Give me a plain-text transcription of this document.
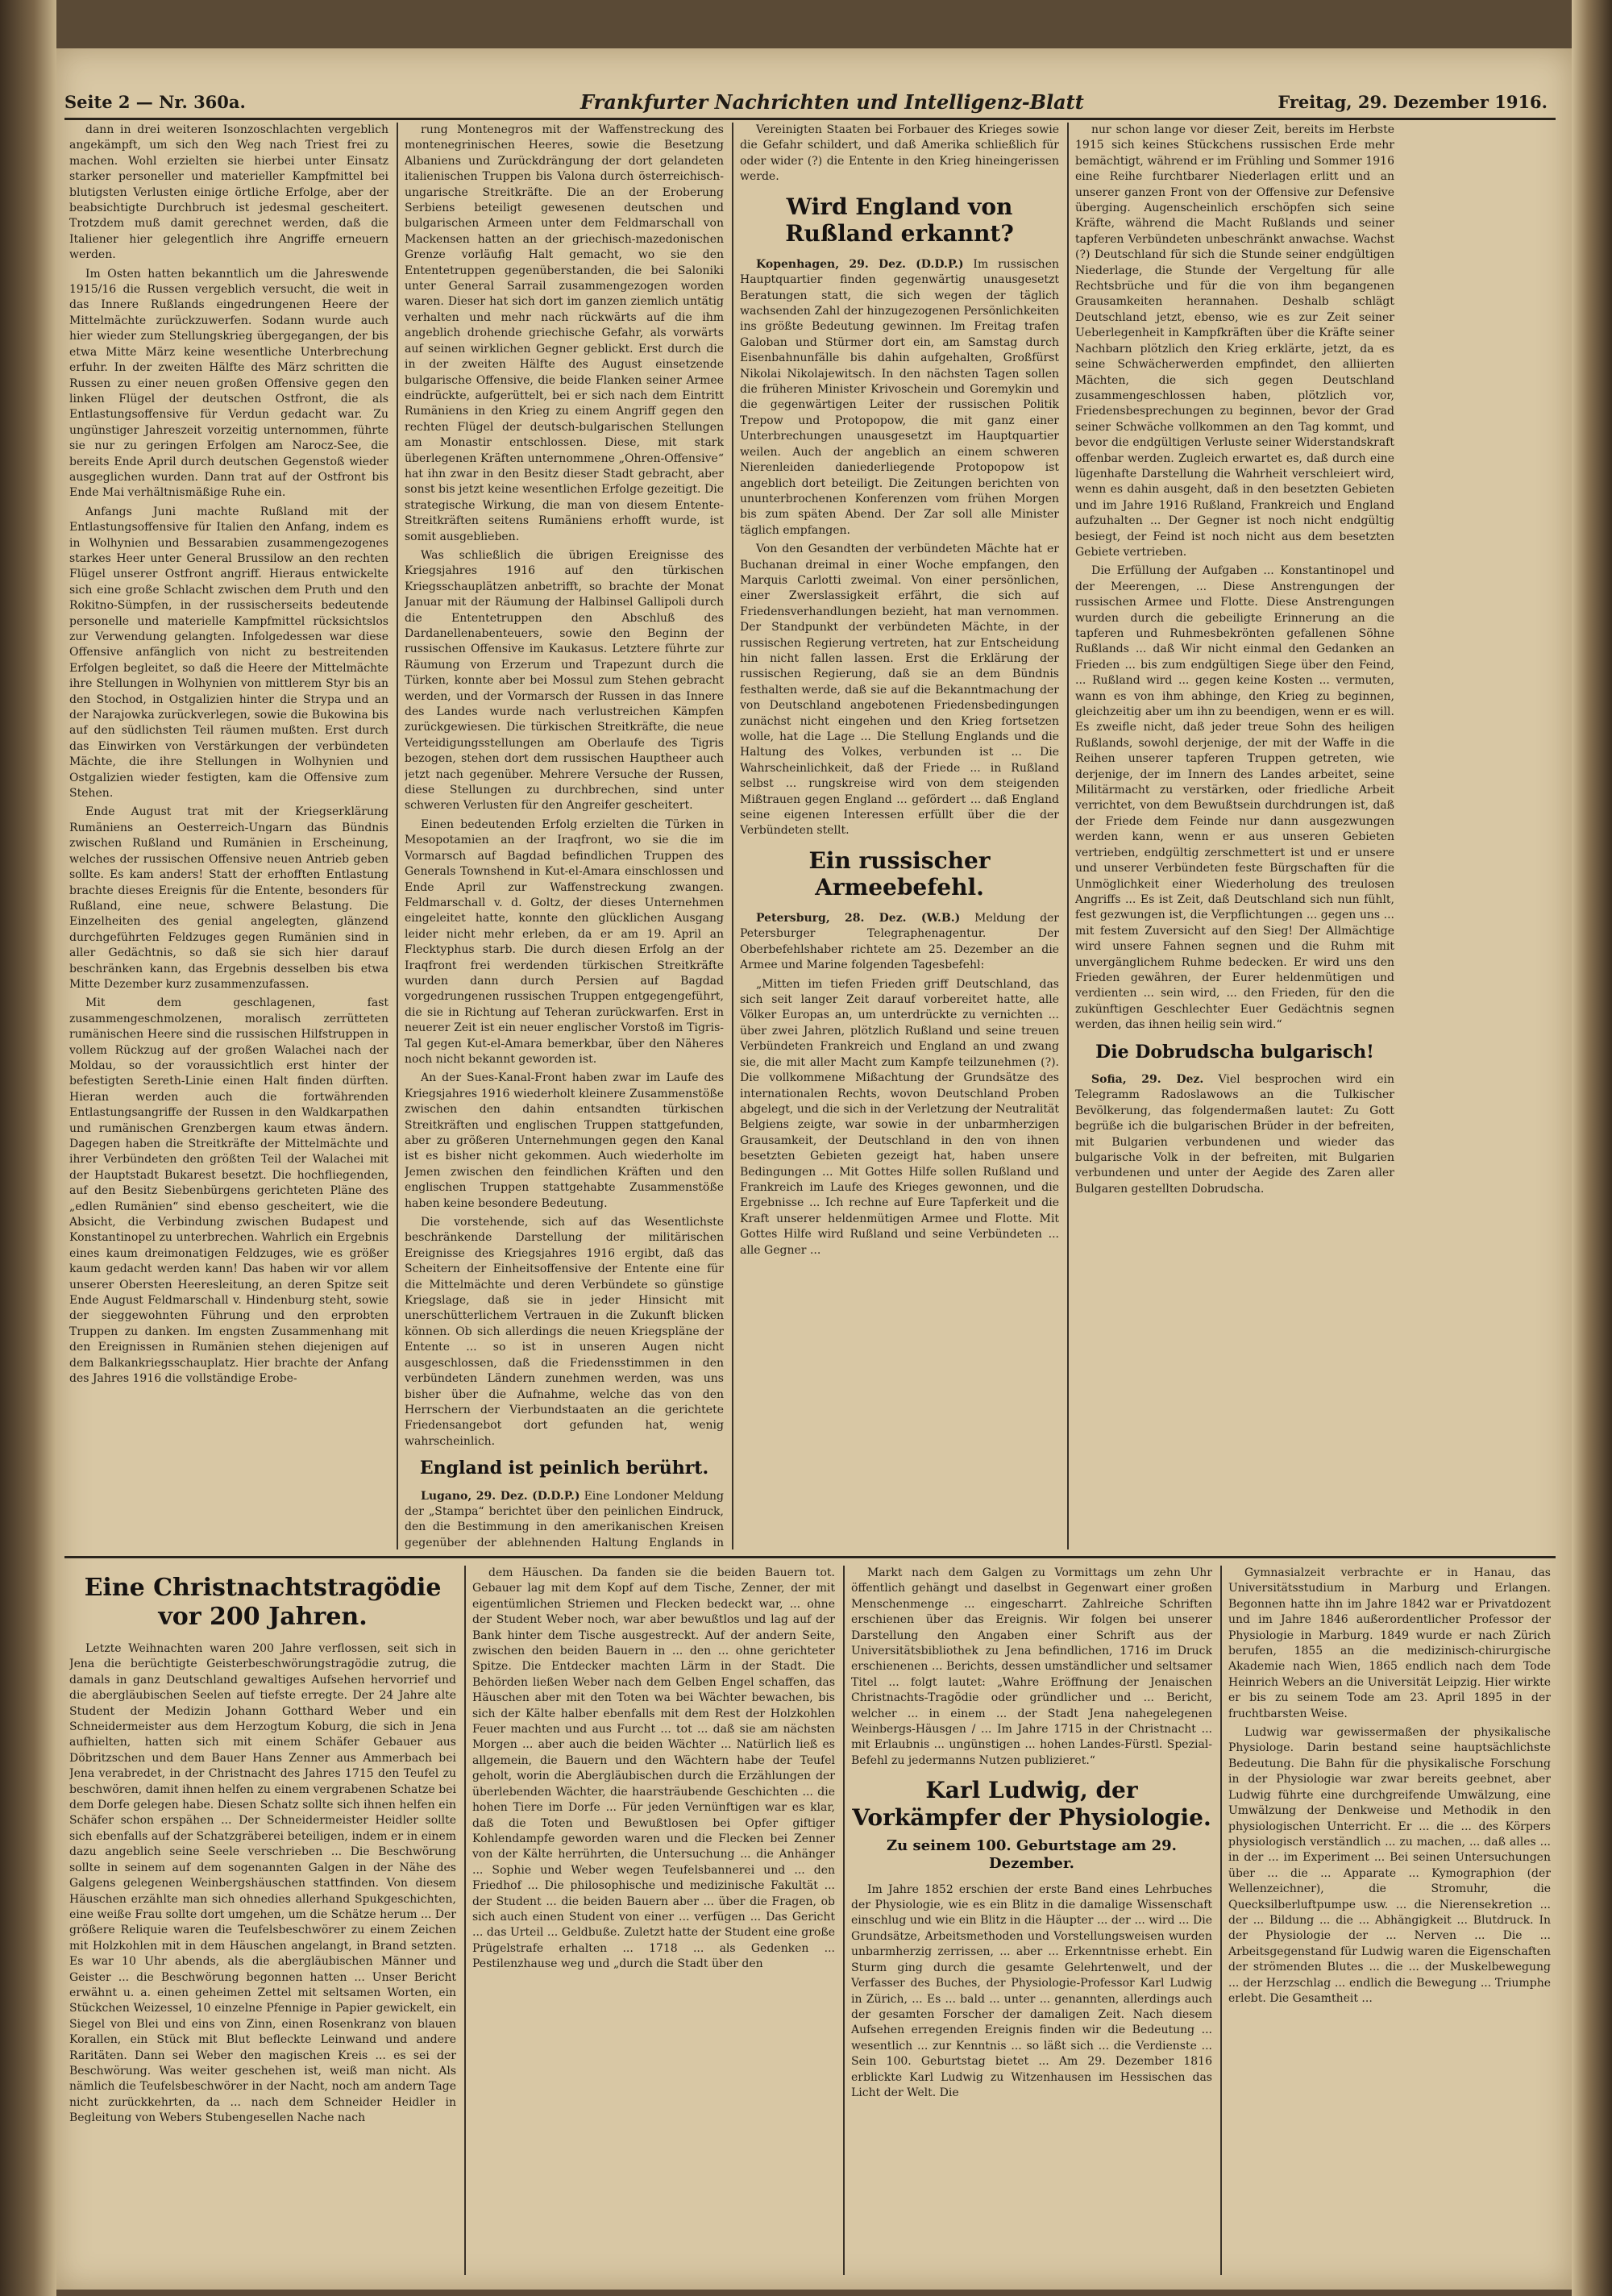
Seite 2 — Nr. 360a.	Frankfurter Nachrichten und Intelligenz-Blatt	Freitag, 29. Dezember 1916.

dann in drei weiteren Isonzoschlachten vergeblich angekämpft, um sich den Weg nach Triest frei zu machen. Wohl erzielten sie hierbei unter Einsatz starker personeller und materieller Kampfmittel bei blutigsten Verlusten einige örtliche Erfolge, aber der beabsichtigte Durchbruch ist jedesmal gescheitert. Trotzdem muß damit gerechnet werden, daß die Italiener hier gelegentlich ihre Angriffe erneuern werden.

Im Osten hatten bekanntlich um die Jahreswende 1915/16 die Russen vergeblich versucht, die weit in das Innere Rußlands eingedrungenen Heere der Mittelmächte zurückzuwerfen. Sodann wurde auch hier wieder zum Stellungskrieg übergegangen, der bis etwa Mitte März keine wesentliche Unterbrechung erfuhr. In der zweiten Hälfte des März schritten die Russen zu einer neuen großen Offensive gegen den linken Flügel der deutschen Ostfront, die als Entlastungsoffensive für Verdun gedacht war. Zu ungünstiger Jahreszeit vorzeitig unternommen, führte sie nur zu geringen Erfolgen am Narocz-See, die bereits Ende April durch deutschen Gegenstoß wieder ausgeglichen wurden. Dann trat auf der Ostfront bis Ende Mai verhältnismäßige Ruhe ein.

Anfangs Juni machte Rußland mit der Entlastungsoffensive für Italien den Anfang, indem es in Wolhynien und Bessarabien zusammengezogenes starkes Heer unter General Brussilow an den rechten Flügel unserer Ostfront angriff. Hieraus entwickelte sich eine große Schlacht zwischen dem Pruth und den Rokitno-Sümpfen, in der russischerseits bedeutende personelle und materielle Kampfmittel rücksichtslos zur Verwendung gelangten. Infolgedessen war diese Offensive anfänglich von nicht zu bestreitenden Erfolgen begleitet, so daß die Heere der Mittelmächte ihre Stellungen in Wolhynien von mittlerem Styr bis an den Stochod, in Ostgalizien hinter die Strypa und an der Narajowka zurückverlegen, sowie die Bukowina bis auf den südlichsten Teil räumen mußten. Erst durch das Einwirken von Verstärkungen der verbündeten Mächte, die ihre Stellungen in Wolhynien und Ostgalizien wieder festigten, kam die Offensive zum Stehen.

Ende August trat mit der Kriegserklärung Rumäniens an Oesterreich-Ungarn das Bündnis zwischen Rußland und Rumänien in Erscheinung, welches der russischen Offensive neuen Antrieb geben sollte. Es kam anders! Statt der erhofften Entlastung brachte dieses Ereignis für die Entente, besonders für Rußland, eine neue, schwere Belastung. Die Einzelheiten des genial angelegten, glänzend durchgeführten Feldzuges gegen Rumänien sind in aller Gedächtnis, so daß sie sich hier darauf beschränken kann, das Ergebnis desselben bis etwa Mitte Dezember kurz zusammenzufassen.

Mit dem geschlagenen, fast zusammengeschmolzenen, moralisch zerrütteten rumänischen Heere sind die russischen Hilfstruppen in vollem Rückzug auf der großen Walachei nach der Moldau, so der voraussichtlich erst hinter der befestigten Sereth-Linie einen Halt finden dürften. Hieran werden auch die fortwährenden Entlastungsangriffe der Russen in den Waldkarpathen und rumänischen Grenzbergen kaum etwas ändern. Dagegen haben die Streitkräfte der Mittelmächte und ihrer Verbündeten den größten Teil der Walachei mit der Hauptstadt Bukarest besetzt. Die hochfliegenden, auf den Besitz Siebenbürgens gerichteten Pläne des „edlen Rumänien“ sind ebenso gescheitert, wie die Absicht, die Verbindung zwischen Budapest und Konstantinopel zu unterbrechen. Wahrlich ein Ergebnis eines kaum dreimonatigen Feldzuges, wie es größer kaum gedacht werden kann! Das haben wir vor allem unserer Obersten Heeresleitung, an deren Spitze seit Ende August Feldmarschall v. Hindenburg steht, sowie der sieggewohnten Führung und den erprobten Truppen zu danken. Im engsten Zusammenhang mit den Ereignissen in Rumänien stehen diejenigen auf dem Balkankriegsschauplatz. Hier brachte der Anfang des Jahres 1916 die vollständige Erobe-

rung Montenegros mit der Waffenstreckung des montenegrinischen Heeres, sowie die Besetzung Albaniens und Zurückdrängung der dort gelandeten italienischen Truppen bis Valona durch österreichisch-ungarische Streitkräfte. Die an der Eroberung Serbiens beteiligt gewesenen deutschen und bulgarischen Armeen unter dem Feldmarschall von Mackensen hatten an der griechisch-mazedonischen Grenze vorläufig Halt gemacht, wo sie den Ententetruppen gegenüberstanden, die bei Saloniki unter General Sarrail zusammengezogen worden waren. Dieser hat sich dort im ganzen ziemlich untätig verhalten und mehr nach rückwärts auf die ihm angeblich drohende griechische Gefahr, als vorwärts auf seinen wirklichen Gegner geblickt. Erst durch die in der zweiten Hälfte des August einsetzende bulgarische Offensive, die beide Flanken seiner Armee eindrückte, aufgerüttelt, bei er sich nach dem Eintritt Rumäniens in den Krieg zu einem Angriff gegen den rechten Flügel der deutsch-bulgarischen Stellungen am Monastir entschlossen. Diese, mit stark überlegenen Kräften unternommene „Ohren-Offensive“ hat ihn zwar in den Besitz dieser Stadt gebracht, aber sonst bis jetzt keine wesentlichen Erfolge gezeitigt. Die strategische Wirkung, die man von diesem Entente-Streitkräften seitens Rumäniens erhofft wurde, ist somit ausgeblieben.

Was schließlich die übrigen Ereignisse des Kriegsjahres 1916 auf den türkischen Kriegsschauplätzen anbetrifft, so brachte der Monat Januar mit der Räumung der Halbinsel Gallipoli durch die Ententetruppen den Abschluß des Dardanellenabenteuers, sowie den Beginn der russischen Offensive im Kaukasus. Letztere führte zur Räumung von Erzerum und Trapezunt durch die Türken, konnte aber bei Mossul zum Stehen gebracht werden, und der Vormarsch der Russen in das Innere des Landes wurde nach verlustreichen Kämpfen zurückgewiesen. Die türkischen Streitkräfte, die neue Verteidigungsstellungen am Oberlaufe des Tigris bezogen, stehen dort dem russischen Hauptheer auch jetzt nach gegenüber. Mehrere Versuche der Russen, diese Stellungen zu durchbrechen, sind unter schweren Verlusten für den Angreifer gescheitert.

Einen bedeutenden Erfolg erzielten die Türken in Mesopotamien an der Iraqfront, wo sie die im Vormarsch auf Bagdad befindlichen Truppen des Generals Townshend in Kut-el-Amara einschlossen und Ende April zur Waffenstreckung zwangen. Feldmarschall v. d. Goltz, der dieses Unternehmen eingeleitet hatte, konnte den glücklichen Ausgang leider nicht mehr erleben, da er am 19. April an Flecktyphus starb. Die durch diesen Erfolg an der Iraqfront frei werdenden türkischen Streitkräfte wurden dann durch Persien auf Bagdad vorgedrungenen russischen Truppen entgegengeführt, die sie in Richtung auf Teheran zurückwarfen. Erst in neuerer Zeit ist ein neuer englischer Vorstoß im Tigris-Tal gegen Kut-el-Amara bemerkbar, über den Näheres noch nicht bekannt geworden ist.

An der Sues-Kanal-Front haben zwar im Laufe des Kriegsjahres 1916 wiederholt kleinere Zusammenstöße zwischen den dahin entsandten türkischen Streitkräften und englischen Truppen stattgefunden, aber zu größeren Unternehmungen gegen den Kanal ist es bisher nicht gekommen. Auch wiederholte im Jemen zwischen den feindlichen Kräften und den englischen Truppen stattgehabte Zusammenstöße haben keine besondere Bedeutung.

Die vorstehende, sich auf das Wesentlichste beschränkende Darstellung der militärischen Ereignisse des Kriegsjahres 1916 ergibt, daß das Scheitern der Einheitsoffensive der Entente eine für die Mittelmächte und deren Verbündete so günstige Kriegslage, daß sie in jeder Hinsicht mit unerschütterlichem Vertrauen in die Zukunft blicken können. Ob sich allerdings die neuen Kriegspläne der Entente ... so ist in unseren Augen nicht ausgeschlossen, daß die Friedensstimmen in den verbündeten Ländern zunehmen werden, was uns bisher über die Aufnahme, welche das von den Herrschern der Vierbundstaaten an die gerichtete Friedensangebot dort gefunden hat, wenig wahrscheinlich.

England ist peinlich berührt.

Lugano, 29. Dez. (D.D.P.) Eine Londoner Meldung der „Stampa“ berichtet über den peinlichen Eindruck, den die Bestimmung in den amerikanischen Kreisen gegenüber der ablehnenden Haltung Englands in

Vereinigten Staaten bei Forbauer des Krieges sowie die Gefahr schildert, und daß Amerika schließlich für oder wider (?) die Entente in den Krieg hineingerissen werde.

Wird England von Rußland erkannt?

Kopenhagen, 29. Dez. (D.D.P.) Im russischen Hauptquartier finden gegenwärtig unausgesetzt Beratungen statt, die sich wegen der täglich wachsenden Zahl der hinzugezogenen Persönlichkeiten ins größte Bedeutung gewinnen. Im Freitag trafen Galoban und Stürmer dort ein, am Samstag durch Eisenbahnunfälle bis dahin aufgehalten, Großfürst Nikolai Nikolajewitsch. In den nächsten Tagen sollen die früheren Minister Krivoschein und Goremykin und die gegenwärtigen Leiter der russischen Politik Trepow und Protopopow, die mit ganz einer Unterbrechungen unausgesetzt im Hauptquartier weilen. Auch der angeblich an einem schweren Nierenleiden daniederliegende Protopopow ist angeblich dort beteiligt. Die Zeitungen berichten von ununterbrochenen Konferenzen vom frühen Morgen bis zum späten Abend. Der Zar soll alle Minister täglich empfangen.

Von den Gesandten der verbündeten Mächte hat er Buchanan dreimal in einer Woche empfangen, den Marquis Carlotti zweimal. Von einer persönlichen, einer Zwerslassigkeit erfährt, die sich auf Friedensverhandlungen bezieht, hat man vernommen. Der Standpunkt der verbündeten Mächte, in der russischen Regierung vertreten, hat zur Entscheidung hin nicht fallen lassen. Erst die Erklärung der russischen Regierung, daß sie an dem Bündnis festhalten werde, daß sie auf die Bekanntmachung der von Deutschland angebotenen Friedensbedingungen zunächst nicht eingehen und den Krieg fortsetzen wolle, hat die Lage ... Die Stellung Englands und die Haltung des Volkes, verbunden ist ... Die Wahrscheinlichkeit, daß der Friede ... in Rußland selbst ... rungskreise wird von dem steigenden Mißtrauen gegen England ... gefördert ... daß England seine eigenen Interessen erfüllt über die der Verbündeten stellt.

Ein russischer Armeebefehl.

Petersburg, 28. Dez. (W.B.) Meldung der Petersburger Telegraphenagentur. Der Oberbefehlshaber richtete am 25. Dezember an die Armee und Marine folgenden Tagesbefehl:

„Mitten im tiefen Frieden griff Deutschland, das sich seit langer Zeit darauf vorbereitet hatte, alle Völker Europas an, um unterdrückte zu vernichten ... über zwei Jahren, plötzlich Rußland und seine treuen Verbündeten Frankreich und England an und zwang sie, die mit aller Macht zum Kampfe teilzunehmen (?). Die vollkommene Mißachtung der Grundsätze des internationalen Rechts, wovon Deutschland Proben abgelegt, und die sich in der Verletzung der Neutralität Belgiens zeigte, war sowie in der unbarmherzigen Grausamkeit, der Deutschland in den von ihnen besetzten Gebieten gezeigt hat, haben unsere Bedingungen ... Mit Gottes Hilfe sollen Rußland und Frankreich im Laufe des Krieges gewonnen, und die Ergebnisse ... Ich rechne auf Eure Tapferkeit und die Kraft unserer heldenmütigen Armee und Flotte. Mit Gottes Hilfe wird Rußland und seine Verbündeten ... alle Gegner ...

nur schon lange vor dieser Zeit, bereits im Herbste 1915 sich keines Stückchens russischen Erde mehr bemächtigt, während er im Frühling und Sommer 1916 eine Reihe furchtbarer Niederlagen erlitt und an unserer ganzen Front von der Offensive zur Defensive überging. Augenscheinlich erschöpfen sich seine Kräfte, während die Macht Rußlands und seiner tapferen Verbündeten unbeschränkt anwachse. Wachst (?) Deutschland für sich die Stunde seiner endgültigen Niederlage, die Stunde der Vergeltung für alle Rechtsbrüche und für die von ihm begangenen Grausamkeiten herannahen. Deshalb schlägt Deutschland jetzt, ebenso, wie es zur Zeit seiner Ueberlegenheit in Kampfkräften über die Kräfte seiner Nachbarn plötzlich den Krieg erklärte, jetzt, da es seine Schwächerwerden empfindet, den alliierten Mächten, die sich gegen Deutschland zusammengeschlossen haben, plötzlich vor, Friedensbesprechungen zu beginnen, bevor der Grad seiner Schwäche vollkommen an den Tag kommt, und bevor die endgültigen Verluste seiner Widerstandskraft offenbar werden. Zugleich erwartet es, daß durch eine lügenhafte Darstellung die Wahrheit verschleiert wird, wenn es dahin ausgeht, daß in den besetzten Gebieten und im Jahre 1916 Rußland, Frankreich und England aufzuhalten ... Der Gegner ist noch nicht endgültig besiegt, der Feind ist noch nicht aus dem besetzten Gebiete vertrieben.

Die Erfüllung der Aufgaben ... Konstantinopel und der Meerengen, ... Diese Anstrengungen der russischen Armee und Flotte. Diese Anstrengungen wurden durch die gebeiligte Erinnerung an die tapferen und Ruhmesbekrönten gefallenen Söhne Rußlands ... daß Wir nicht einmal den Gedanken an Frieden ... bis zum endgültigen Siege über den Feind, ... Rußland wird ... gegen keine Kosten ... vermuten, wann es von ihm abhinge, den Krieg zu beginnen, gleichzeitig aber um ihn zu beendigen, wenn er es will. Es zweifle nicht, daß jeder treue Sohn des heiligen Rußlands, sowohl derjenige, der mit der Waffe in die Reihen unserer tapferen Truppen getreten, wie derjenige, der im Innern des Landes arbeitet, seine Militärmacht zu verstärken, oder friedliche Arbeit verrichtet, von dem Bewußtsein durchdrungen ist, daß der Friede dem Feinde nur dann ausgezwungen werden kann, wenn er aus unseren Gebieten vertrieben, endgültig zerschmettert ist und er unsere und unserer Verbündeten feste Bürgschaften für die Unmöglichkeit einer Wiederholung des treulosen Angriffs ... Es ist Zeit, daß Deutschland sich nun fühlt, fest gezwungen ist, die Verpflichtungen ... gegen uns ... mit festem Zuversicht auf den Sieg! Der Allmächtige wird unsere Fahnen segnen und die Ruhm mit unvergänglichem Ruhme bedecken. Er wird uns den Frieden gewähren, der Eurer heldenmütigen und verdienten ... sein wird, ... den Frieden, für den die zukünftigen Geschlechter Euer Gedächtnis segnen werden, das ihnen heilig sein wird.“

Die Dobrudscha bulgarisch!

Sofia, 29. Dez. Viel besprochen wird ein Telegramm Radoslawows an die Tulkischer Bevölkerung, das folgendermaßen lautet: Zu Gott begrüße ich die bulgarischen Brüder in der befreiten, mit Bulgarien verbundenen und wieder das bulgarische Volk in der befreiten, mit Bulgarien verbundenen und unter der Aegide des Zaren aller Bulgaren gestellten Dobrudscha.

Eine Christnachtstragödie vor 200 Jahren.

Letzte Weihnachten waren 200 Jahre verflossen, seit sich in Jena die berüchtigte Geisterbeschwörungstragödie zutrug, die damals in ganz Deutschland gewaltiges Aufsehen hervorrief und die abergläubischen Seelen auf tiefste erregte. Der 24 Jahre alte Student der Medizin Johann Gotthard Weber und ein Schneidermeister aus dem Herzogtum Koburg, die sich in Jena aufhielten, hatten sich mit einem Schäfer Gebauer aus Döbritzschen und dem Bauer Hans Zenner aus Ammerbach bei Jena verabredet, in der Christnacht des Jahres 1715 den Teufel zu beschwören, damit ihnen helfen zu einem vergrabenen Schatze bei dem Dorfe gelegen habe. Diesen Schatz sollte sich ihnen helfen ein Schäfer schon erspähen ... Der Schneidermeister Heidler sollte sich ebenfalls auf der Schatzgräberei beteiligen, indem er in einem dazu angeblich seine Seele verschrieben ... Die Beschwörung sollte in seinem auf dem sogenannten Galgen in der Nähe des Galgens gelegenen Weinbergshäuschen stattfinden. Von diesem Häuschen erzählte man sich ohnedies allerhand Spukgeschichten, eine weiße Frau sollte dort umgehen, um die Schätze herum ... Der größere Reliquie waren die Teufelsbeschwörer zu einem Zeichen mit Holzkohlen mit in dem Häuschen angelangt, in Brand setzten. Es war 10 Uhr abends, als die abergläubischen Männer und Geister ... die Beschwörung begonnen hatten ... Unser Bericht erwähnt u. a. einen geheimen Zettel mit seltsamen Worten, ein Stückchen Weizessel, 10 einzelne Pfennige in Papier gewickelt, ein Siegel von Blei und eins von Zinn, einen Rosenkranz von blauen Korallen, ein Stück mit Blut befleckte Leinwand und andere Raritäten. Dann sei Weber den magischen Kreis ... es sei der Beschwörung. Was weiter geschehen ist, weiß man nicht. Als nämlich die Teufelsbeschwörer in der Nacht, noch am andern Tage nicht zurückkehrten, da ... nach dem Schneider Heidler in Begleitung von Webers Stubengesellen Nache nach

dem Häuschen. Da fanden sie die beiden Bauern tot. Gebauer lag mit dem Kopf auf dem Tische, Zenner, der mit eigentümlichen Striemen und Flecken bedeckt war, ... ohne der Student Weber noch, war aber bewußtlos und lag auf der Bank hinter dem Tische ausgestreckt. Auf der andern Seite, zwischen den beiden Bauern in ... den ... ohne gerichteter Spitze. Die Entdecker machten Lärm in der Stadt. Die Behörden ließen Weber nach dem Gelben Engel schaffen, das Häuschen aber mit den Toten wa bei Wächter bewachen, bis sich der Kälte halber ebenfalls mit dem Rest der Holzkohlen Feuer machten und aus Furcht ... tot ... daß sie am nächsten Morgen ... aber auch die beiden Wächter ... Natürlich ließ es allgemein, die Bauern und den Wächtern habe der Teufel geholt, worin die Abergläubischen durch die Erzählungen der überlebenden Wächter, die haarsträubende Geschichten ... die hohen Tiere im Dorfe ... Für jeden Vernünftigen war es klar, daß die Toten und Bewußtlosen bei Opfer giftiger Kohlendampfe geworden waren und die Flecken bei Zenner von der Kälte herrührten, die Untersuchung ... die Anhänger ... Sophie und Weber wegen Teufelsbannerei und ... den Friedhof ... Die philosophische und medizinische Fakultät ... der Student ... die beiden Bauern aber ... über die Fragen, ob sich auch einen Student von einer ... verfügen ... Das Gericht ... das Urteil ... Geldbuße. Zuletzt hatte der Student eine große Prügelstrafe erhalten ... 1718 ... als Gedenken ... Pestilenzhause weg und „durch die Stadt über den

Markt nach dem Galgen zu Vormittags um zehn Uhr öffentlich gehängt und daselbst in Gegenwart einer großen Menschenmenge ... eingescharrt. Zahlreiche Schriften erschienen über das Ereignis. Wir folgen bei unserer Darstellung den Angaben einer Schrift aus der Universitätsbibliothek zu Jena befindlichen, 1716 im Druck erschienenen ... Berichts, dessen umständlicher und seltsamer Titel ... folgt lautet: „Wahre Eröffnung der Jenaischen Christnachts-Tragödie oder gründlicher und ... Bericht, welcher ... in einem ... der Stadt Jena nahegelegenen Weinbergs-Häusgen / ... Im Jahre 1715 in der Christnacht ... mit Erlaubnis ... ungünstigen ... hohen Landes-Fürstl. Spezial-Befehl zu jedermanns Nutzen publizieret.“

Karl Ludwig, der Vorkämpfer der Physiologie.
Zu seinem 100. Geburtstage am 29. Dezember.

Im Jahre 1852 erschien der erste Band eines Lehrbuches der Physiologie, wie es ein Blitz in die damalige Wissenschaft einschlug und wie ein Blitz in die Häupter ... der ... wird ... Die Grundsätze, Arbeitsmethoden und Vorstellungsweisen wurden unbarmherzig zerrissen, ... aber ... Erkenntnisse erhebt. Ein Sturm ging durch die gesamte Gelehrtenwelt, und der Verfasser des Buches, der Physiologie-Professor Karl Ludwig in Zürich, ... Es ... bald ... unter ... genannten, allerdings auch der gesamten Forscher der damaligen Zeit. Nach diesem Aufsehen erregenden Ereignis finden wir die Bedeutung ... wesentlich ... zur Kenntnis ... so läßt sich ... die Verdienste ... Sein 100. Geburtstag bietet ... Am 29. Dezember 1816 erblickte Karl Ludwig zu Witzenhausen im Hessischen das Licht der Welt. Die

Gymnasialzeit verbrachte er in Hanau, das Universitätsstudium in Marburg und Erlangen. Begonnen hatte ihn im Jahre 1842 war er Privatdozent und im Jahre 1846 außerordentlicher Professor der Physiologie in Marburg. 1849 wurde er nach Zürich berufen, 1855 an die medizinisch-chirurgische Akademie nach Wien, 1865 endlich nach dem Tode Heinrich Webers an die Universität Leipzig. Hier wirkte er bis zu seinem Tode am 23. April 1895 in der fruchtbarsten Weise.

Ludwig war gewissermaßen der physikalische Physiologe. Darin bestand seine hauptsächlichste Bedeutung. Die Bahn für die physikalische Forschung in der Physiologie war zwar bereits geebnet, aber Ludwig führte eine durchgreifende Umwälzung, eine Umwälzung der Denkweise und Methodik in den physiologischen Unterricht. Er ... die ... des Körpers physiologisch verständlich ... zu machen, ... daß alles ... in der ... im Experiment ... Bei seinen Untersuchungen über ... die ... Apparate ... Kymographion (der Wellenzeichner), die Stromuhr, die Quecksilberluftpumpe usw. ... die Nierensekretion ... der ... Bildung ... die ... Abhängigkeit ... Blutdruck. In der Physiologie der ... Nerven ... Die ... Arbeitsgegenstand für Ludwig waren die Eigenschaften der strömenden Blutes ... die ... der Muskelbewegung ... der Herzschlag ... endlich die Bewegung ... Triumphe erlebt. Die Gesamtheit ...
